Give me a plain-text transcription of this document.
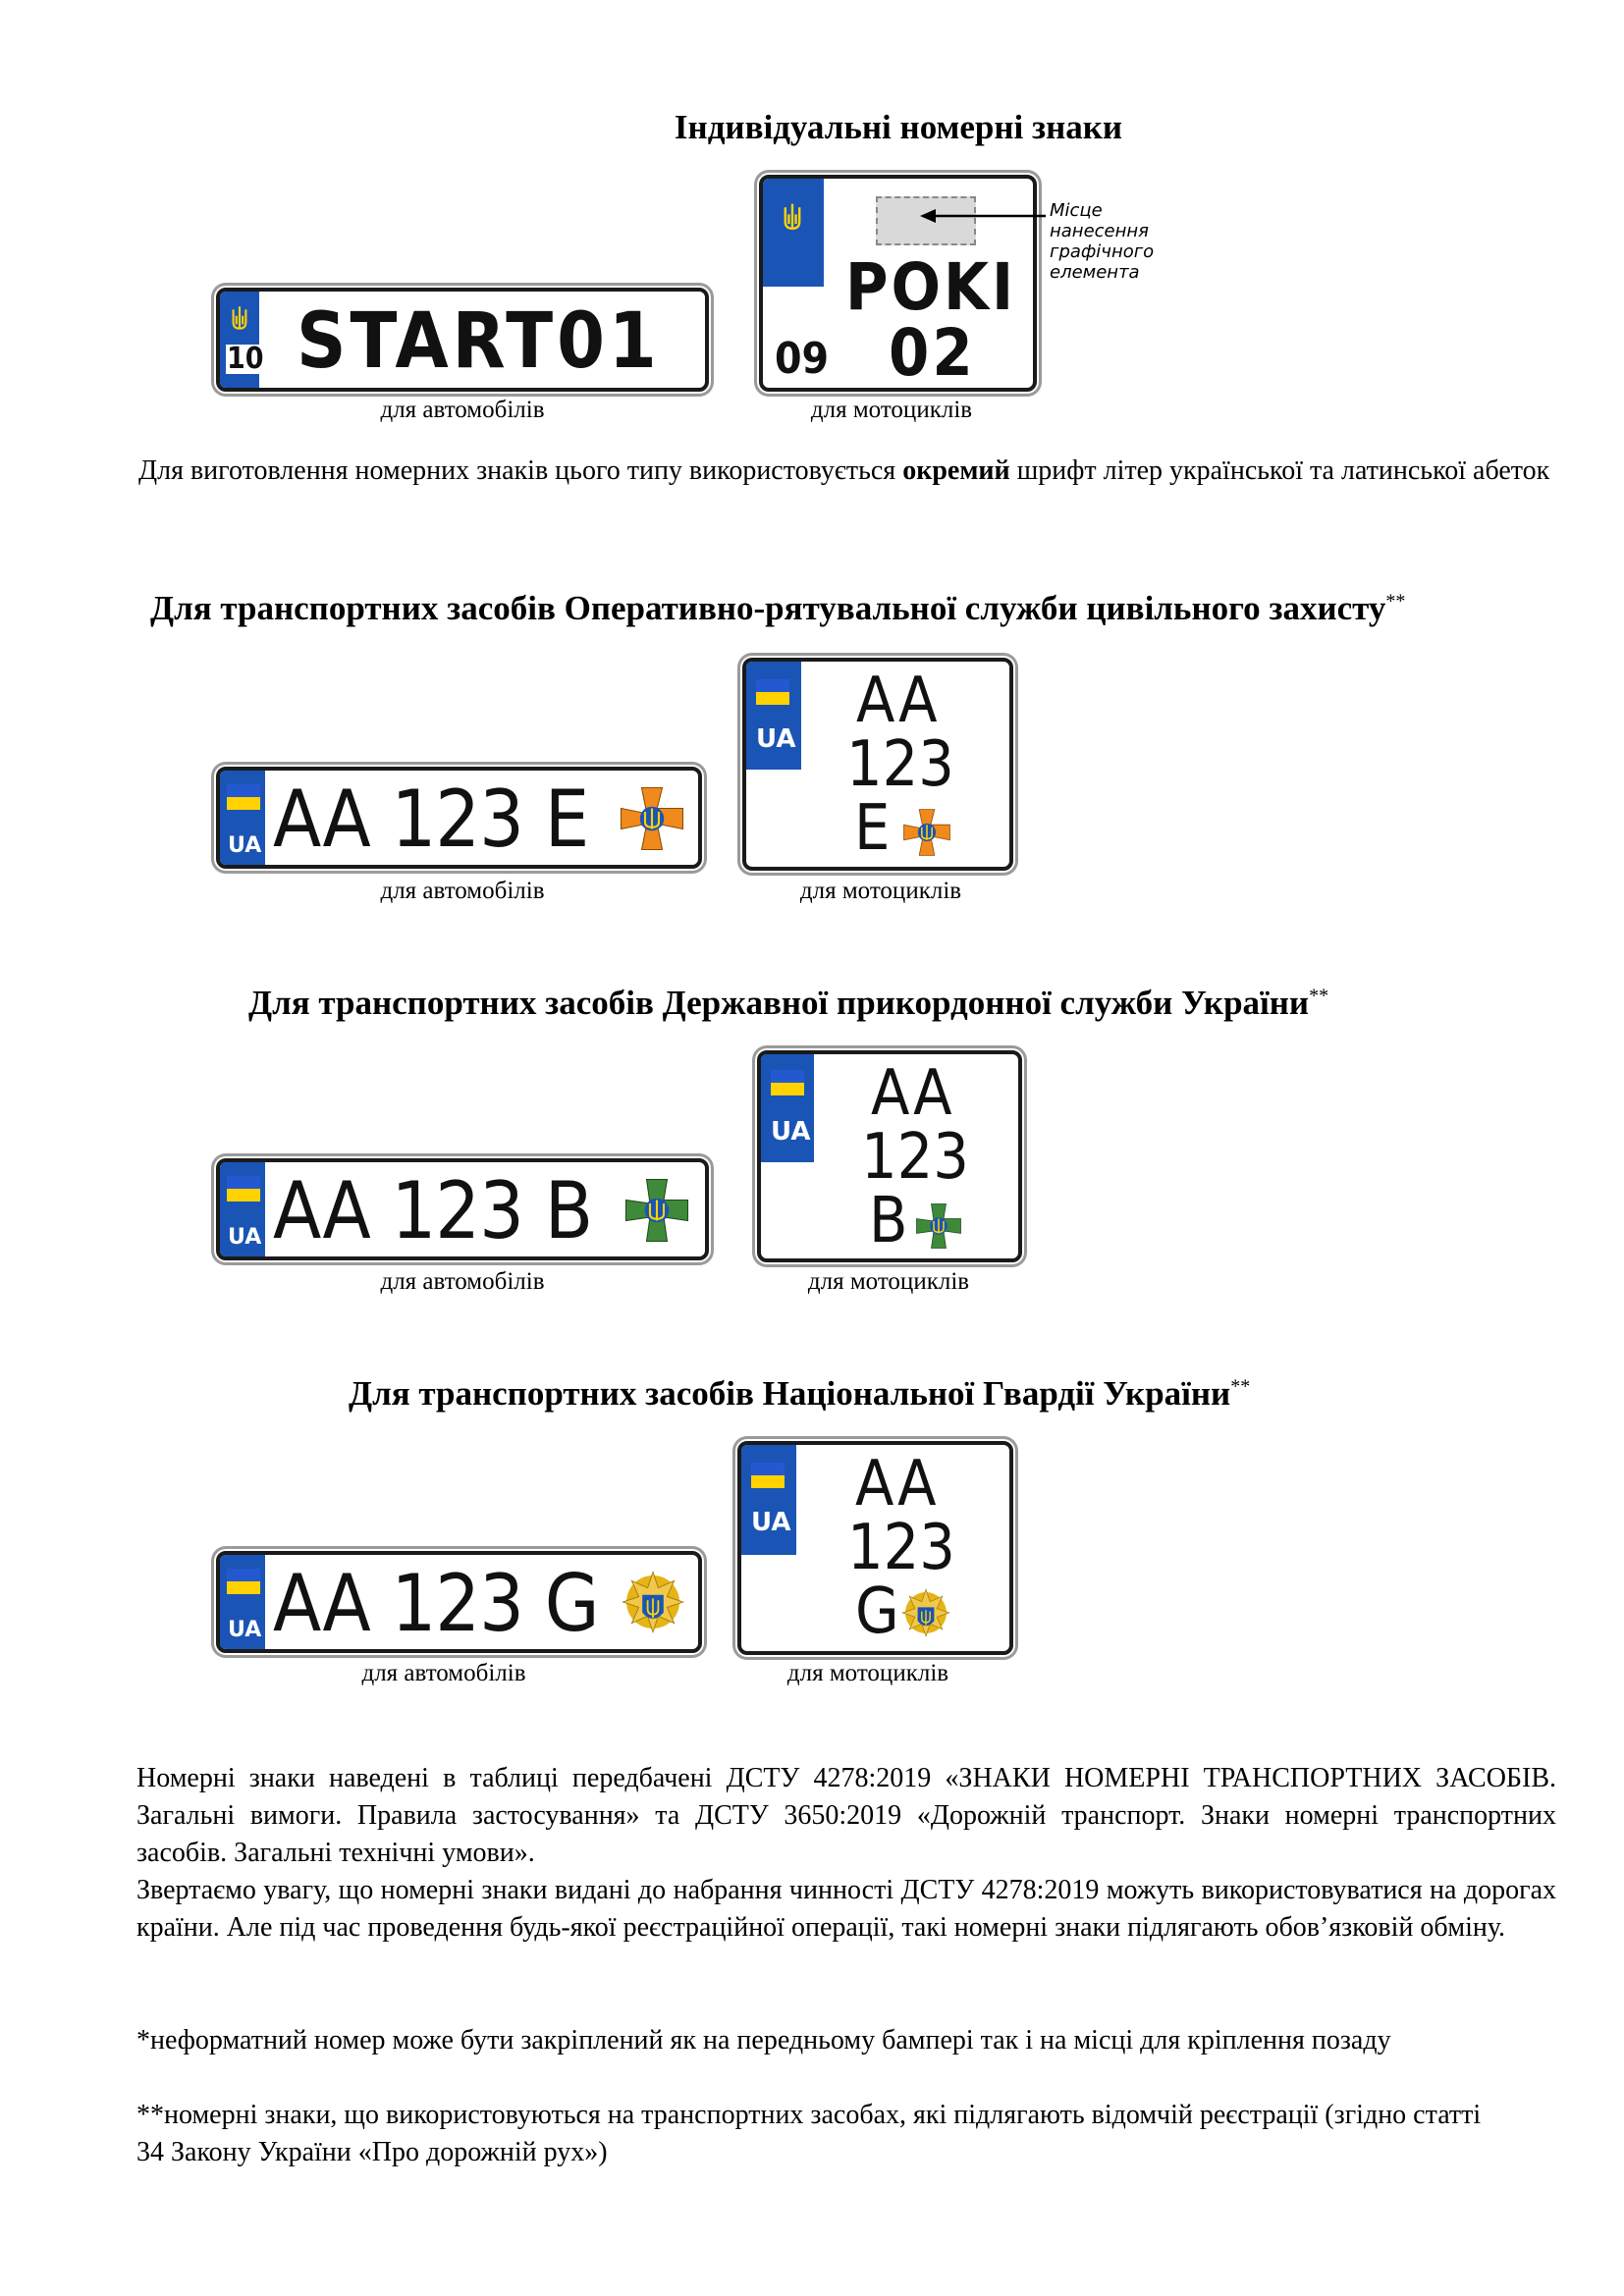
Індивідуальні номерні знаки
10 START01
для автомобілів
POKI
09 02
Місце нанесення графічного елемента
для мотоциклів
Для виготовлення номерних знаків цього типу використовується окремий шрифт літер української та латинської абеток
Для транспортних засобів Оперативно-рятувальної служби цивільного захисту**
UA AA 123 E
для автомобілів
UA
AA
123
E
для мотоциклів
Для транспортних засобів Державної прикордонної служби України**
UA AA 123 B
для автомобілів
UA
AA
123
B
для мотоциклів
Для транспортних засобів Національної Гвардії України**
UA AA 123 G
для автомобілів
UA
AA
123
G
для мотоциклів
Номерні знаки наведені в таблиці передбачені ДСТУ 4278:2019 «ЗНАКИ НОМЕРНІ ТРАНСПОРТНИХ ЗАСОБІВ. Загальні вимоги. Правила застосування» та ДСТУ 3650:2019 «Дорожній транспорт. Знаки номерні транспортних засобів. Загальні технічні умови».
Звертаємо увагу, що номерні знаки видані до набрання чинності ДСТУ 4278:2019 можуть використовуватися на дорогах країни. Але під час проведення будь-якої реєстраційної операції, такі номерні знаки підлягають обов’язковій обміну.
*неформатний номер може бути закріплений як на передньому бампері так і на місці для кріплення позаду
**номерні знаки, що використовуються на транспортних засобах, які підлягають відомчій реєстрації (згідно статті 34 Закону України «Про дорожній рух»)
